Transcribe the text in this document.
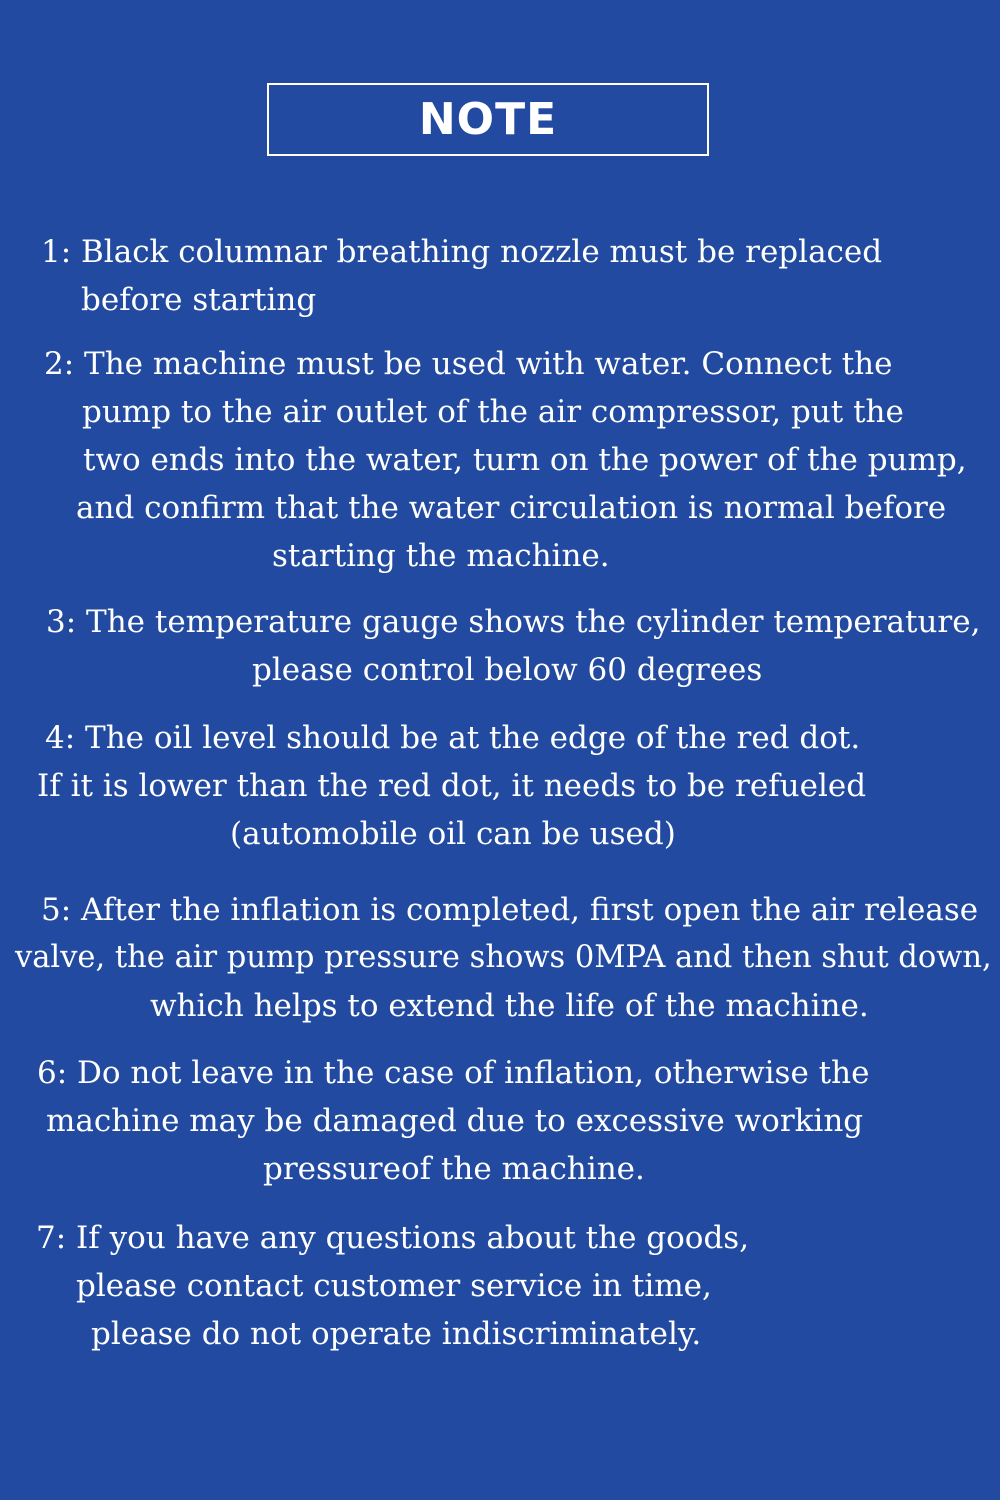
NOTE
1: Black columnar breathing nozzle must be replaced
before starting
2: The machine must be used with water. Connect the
pump to the air outlet of the air compressor, put the
two ends into the water, turn on the power of the pump,
and confirm that the water circulation is normal before
starting the machine.
3: The temperature gauge shows the cylinder temperature,
please control below 60 degrees
4: The oil level should be at the edge of the red dot.
If it is lower than the red dot, it needs to be refueled
(automobile oil can be used)
5: After the inflation is completed, first open the air release
valve, the air pump pressure shows 0MPA and then shut down,
which helps to extend the life of the machine.
6: Do not leave in the case of inflation, otherwise the
machine may be damaged due to excessive working
pressureof the machine.
7: If you have any questions about the goods,
please contact customer service in time,
please do not operate indiscriminately.
